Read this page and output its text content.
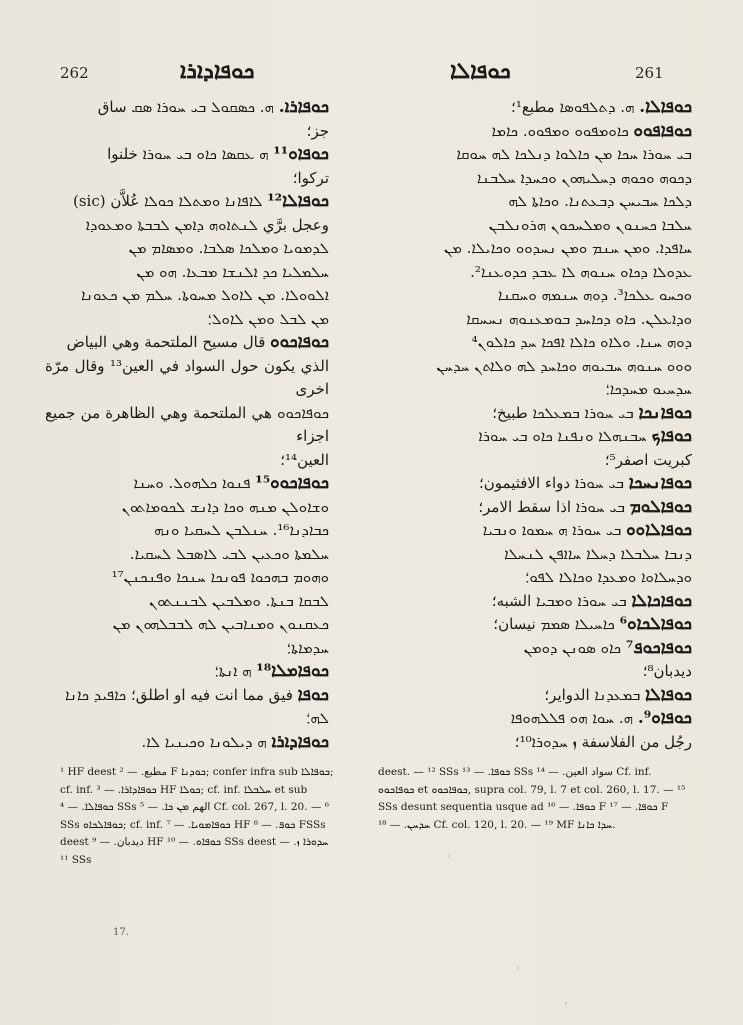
262	ܟܘܦܐܕܐܪܐ	ܟܘܦܐܠܐ	261

ܟܘܦܐܪܐ. ܗ. ܟܣܩܘܠ ܒܝ ܚܘܪܐ ܣܩ ساق

جز؛

ܟܘܦܐܘ¹¹ ܗ ܥܩܣܐ ܟܐܘ ܒܝ ܚܘܪܐ خلنوا

تركوا؛

ܟܘܦܐܠܐ¹² ܠܐܦܐܢܐ ܘܡܬܠܐ ܟܘܠܐ عُلاَّن (sic)

وعجل برَّي ܠܢܬܐܘܗ ܕܐܡܢ ܠܒܒܬܐ ܘܡܥܘܕܐ

ܠܕܡܘܝܐ ܘܡܠܟܐ ܣܠܒܐ. ܘܡܣܐܡ ܡܢ

ܚܠܡܠܝܐ ܟܕ ܐܠܢܫܐ ܡܒܥܐ. ܗܘ ܡܢ

ܐܠܘܘܠܐ. ܡܢ ܠܐܘܠ ܡܚܘܬܐ. ܚܠܡ ܡܢ ܟܥܘܢܐ

ܡܢ ܠܒܠ ܘܡܢ ܠܐܘܠ؛

ܟܘܦܐܟܘܘ قال مسيح الملتحمة وهي البياض

الذي يكون حول السواد في العين¹³ وقال مرّة اخرى

ܟܘܦܐܟܘܘ هي الملتحمة وهي الظاهرة من جميع اجزاء

العين¹⁴؛

ܟܘܦܐܟܘܘ¹⁵ ܦܢܘܐ ܟܠܗܘܠ. ܘܚܢܐ

ܘܫܐܘܠܢ ܡܢܗ ܘܟܐ ܕܐܢܫ ܠܟܘܡܐܬܘܢ

ܟܒܐܕܢܐ¹⁶. ܚܢܠܒܢ ܠܚܩܝܐ ܘܢܗ

ܚܠܡܬܐ ܘܟܥܝܢ ܠܒܝ ܠܐܣܒܠ ܠܚܩܝܐ.

ܘܗܘܡ ܒܗܟܘܐ ܦܘܢܟܐ ܚܢܟܐ ܘܦܢܟܢܢ¹⁷

ܠܒܩܐ ܒܢܬܐ. ܘܡܠܒܝܢ ܠܒܢܢܬܘܢ

ܟܥܩܢܘܢ ܘܡܢܐܒܝܢ ܠܗ ܠܒܒܠܗܘܢ ܡܢ

ܚܕܡܐܬܐ؛

ܟܘܦܐܡܠܐ¹⁸ ܗ ܐܢܬܐ؛

ܟܘܦܐ فيق مما انت فيه او اطلق؛ ܟܐܦܝܕ ܟܐܢܐ

ܠܗ؛

ܟܘܦܐܕܐܪܐ ܗ ܕܝܠܘܢܐ ܘܟܝܢܝܐ ܠܐ.

ܟܘܦܐܠܐ. ܗ. ܕܬܠܦܘܣܐ مطبع¹؛

ܟܘܦܐܦܘܘ ܟܐܘܡܦܘܘ ܘܡܦܘܘ. ܟܐܡܐ

ܒܝ ܚܘܪܐ ܚܟܐ ܡܢ ܟܐܠܘܐ ܕܢܠܟܐ ܠܗ ܚܘܩܐ

ܕܟܘܗ ܘܟܘܗ ܕܚܠܝܗܘܢ ܘܟܚܕܐ ܚܠܒܢܐ

ܕܠܟܐ ܚܒܝܚܢ ܕܒܥܬܢܐ. ܘܟܐܬܐ ܠܗ

ܚܠܒܐ ܟܚܢܘܢ ܘܡܠܚܟܘܢ ܗܪܘܢܠܒܢ

ܚܐܦܕܐ. ܘܡܢ ܚܢܡ ܘܡܢ ܢܚܕܘܘ ܘܟܐܝܠܐ. ܡܢ

ܥܕܘܠܐ ܕܟܐܘ ܚܢܘܗ ܠܐ ܥܒܕ ܟܕܘܥܢܐ².

ܘܟܚܘ ܥܠܟܐ³. ܕܘܗ ܚܢܡܗ ܘܚܩܢܐ

ܘܕܐܥܠܢ. ܟܐܘ ܕܟܐܚܕ ܒܘܡܥܢܘܗ ܢܚܚܩܐ

ܕܘܗ ܚܢܐ. ܘܠܐܘ ܟܐܠܐ ܐܦܟܐ ܚܕ ܟܐܠܘܢ⁴

ܘܘܘ ܚܢܘܗ ܚܒܝܘܗ ܘܟܐܚܕ ܠܗ ܘܠܐܬܢ ܚܕܚܢ

ܚܕܚܝܘ ܡܚܕܟܐ؛

ܟܘܦܐܢܟܐ ܒܝ ܚܘܪܐ ܒܡܥܠܟܐ طبيخ؛

ܟܘܦܐܟ ܚܒܢܗܠܐ ܘܢܦܢܐ ܟܐܘ ܒܝ ܚܘܪܐ

كبريت اصفر⁵؛

ܟܘܦܐܢܚܟܐ ܒܝ ܚܘܪܐ دواء الافثيمون؛

ܟܘܦܐܠܘܡ ܒܝ ܚܘܪܐ اذا سقط الامر؛

ܟܘܦܐܠܐܘܘ ܒܝ ܚܘܪܐ ܗ ܚܡܘܐ ܘܢܒܝܐ

ܕܢܒܐ ܚܠܒܠܐ ܕܚܠܐ ܚܐܐܦܢ ܠܢܚܠܐ

ܘܕܚܠܐܘܐ ܘܡܥܕܐ ܘܟܐܠܐ ܠܦܘ؛

ܟܘܦܐܟܐܠܐ ܒܝ ܚܘܪܐ ܘܡܒܝܐ الشبه؛

ܟܘܦܐܠܟܐܘ⁶ ܟܐܚܝܠܐ ܣܡܡ نيسان؛

ܟܘܦܐܟܘܦ⁷ ܟܐܘ ܣܘܢܢ ܕܘܡܢ

ديدبان⁸؛

ܟܘܦܐܠܐ ܒܡܥܕܢܐ الدواير؛

ܟܘܦܐܘ⁹. ܗ. ܚܘܐ ܗܘ ܦܠܠܗܘܦܐ

رجُل من الفلاسفة ܙ ܚܕܘܪܐ¹⁰؛

¹ HF deest مطبع. — ² F ܟܘܕܢܐ; confer infra sub ܟܘܦܐܠܐ; cf. inf. ܟܘܦܐܕܐܪܐ. — ³ HF ܟܘܠܐ; cf. inf. ܚܠܒܠܐ et sub ܟܘܦܐܠܐ. — ⁴ SSs الهم ܡܢ ܟܐ. — ⁵ Cf. col. 267, l. 20. — ⁶ SSs ܟܘܦܐܠܟܐܘ; cf. inf. ܟܘܦܐܡܘܝܐ. — ⁷ HF ܟܘܦ. — ⁸ FSSs deest ديدبان. — ⁹ HF ܟܘܦܐܘ. — ¹⁰ SSs deest ܚܕܘܪܐ ܙ. — ¹¹ SSs
deest. — ¹² SSs ܟܘܦܐ. — ¹³ SSs سواد العين. — ¹⁴ Cf. inf. ܟܘܦܐܟܘܘ et ܟܘܦܐܟܘܘ, supra col. 79, l. 7 et col. 260, l. 17. — ¹⁵ SSs desunt sequentia usque ad ܟܘܦܐ. — ¹⁶ F ܟܘܦܐ. — ¹⁷ F ܚܕܚܢ. — ¹⁸ Cf. col. 120, l. 20. — ¹⁹ MF ܚܕܐ ܟܐܢܐ.
17.
